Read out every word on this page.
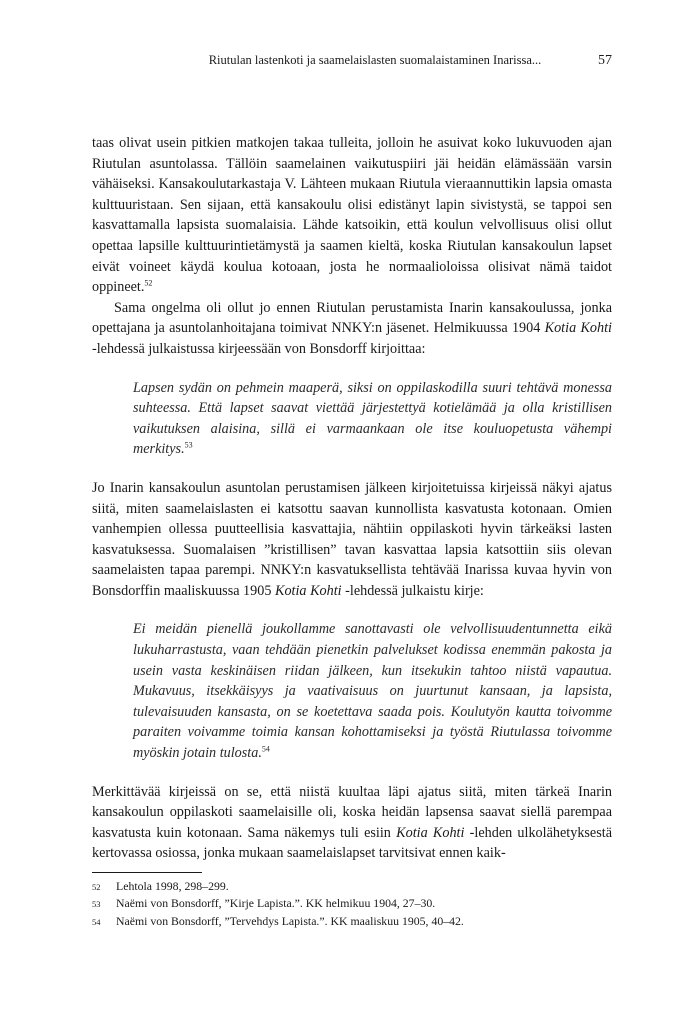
Riutulan lastenkoti ja saamelaislasten suomalaistaminen Inarissa...	57

taas olivat usein pitkien matkojen takaa tulleita, jolloin he asuivat koko lukuvuoden ajan Riutulan asuntolassa. Tällöin saamelainen vaikutuspiiri jäi heidän elämässään varsin vähäiseksi. Kansakoulutarkastaja V. Lähteen mukaan Riutula vieraannuttikin lapsia omasta kulttuuristaan. Sen sijaan, että kansakoulu olisi edistänyt lapin sivistystä, se tappoi sen kasvattamalla lapsista suomalaisia. Lähde katsoikin, että koulun velvollisuus olisi ollut opettaa lapsille kulttuurintietämystä ja saamen kieltä, koska Riutulan kansakoulun lapset eivät voineet käydä koulua kotoaan, josta he normaalioloissa olisivat nämä taidot oppineet.$^{52}$

Sama ongelma oli ollut jo ennen Riutulan perustamista Inarin kansakoulussa, jonka opettajana ja asuntolanhoitajana toimivat NNKY:n jäsenet. Helmikuussa 1904 Kotia Kohti -lehdessä julkaistussa kirjeessään von Bonsdorff kirjoittaa:

Lapsen sydän on pehmein maaperä, siksi on oppilaskodilla suuri tehtävä monessa suhteessa. Että lapset saavat viettää järjestettyä kotielämää ja olla kristillisen vaikutuksen alaisina, sillä ei varmaankaan ole itse kouluopetusta vähempi merkitys.$^{53}$

Jo Inarin kansakoulun asuntolan perustamisen jälkeen kirjoitetuissa kirjeissä näkyi ajatus siitä, miten saamelaislasten ei katsottu saavan kunnollista kasvatusta kotonaan. Omien vanhempien ollessa puutteellisia kasvattajia, nähtiin oppilaskoti hyvin tärkeäksi lasten kasvatuksessa. Suomalaisen ”kristillisen” tavan kasvattaa lapsia katsottiin siis olevan saamelaisten tapaa parempi. NNKY:n kasvatuksellista tehtävää Inarissa kuvaa hyvin von Bonsdorffin maaliskuussa 1905 Kotia Kohti -lehdessä julkaistu kirje:

Ei meidän pienellä joukollamme sanottavasti ole velvollisuudentunnetta eikä lukuharrastusta, vaan tehdään pienetkin palvelukset kodissa enemmän pakosta ja usein vasta keskinäisen riidan jälkeen, kun itsekukin tahtoo niistä vapautua. Mukavuus, itsekkäisyys ja vaativaisuus on juurtunut kansaan, ja lapsista, tulevaisuuden kansasta, on se koetettava saada pois. Koulutyön kautta toivomme paraiten voivamme toimia kansan kohottamiseksi ja työstä Riutulassa toivomme myöskin jotain tulosta.$^{54}$

Merkittävää kirjeissä on se, että niistä kuultaa läpi ajatus siitä, miten tärkeä Inarin kansakoulun oppilaskoti saamelaisille oli, koska heidän lapsensa saavat siellä parempaa kasvatusta kuin kotonaan. Sama näkemys tuli esiin Kotia Kohti -lehden ulkolähetyksestä kertovassa osiossa, jonka mukaan saamelaislapset tarvitsivat ennen kaik-

52	Lehtola 1998, 298–299.
53	Naëmi von Bonsdorff, ”Kirje Lapista.”. KK helmikuu 1904, 27–30.
54	Naëmi von Bonsdorff, ”Tervehdys Lapista.”. KK maaliskuu 1905, 40–42.
